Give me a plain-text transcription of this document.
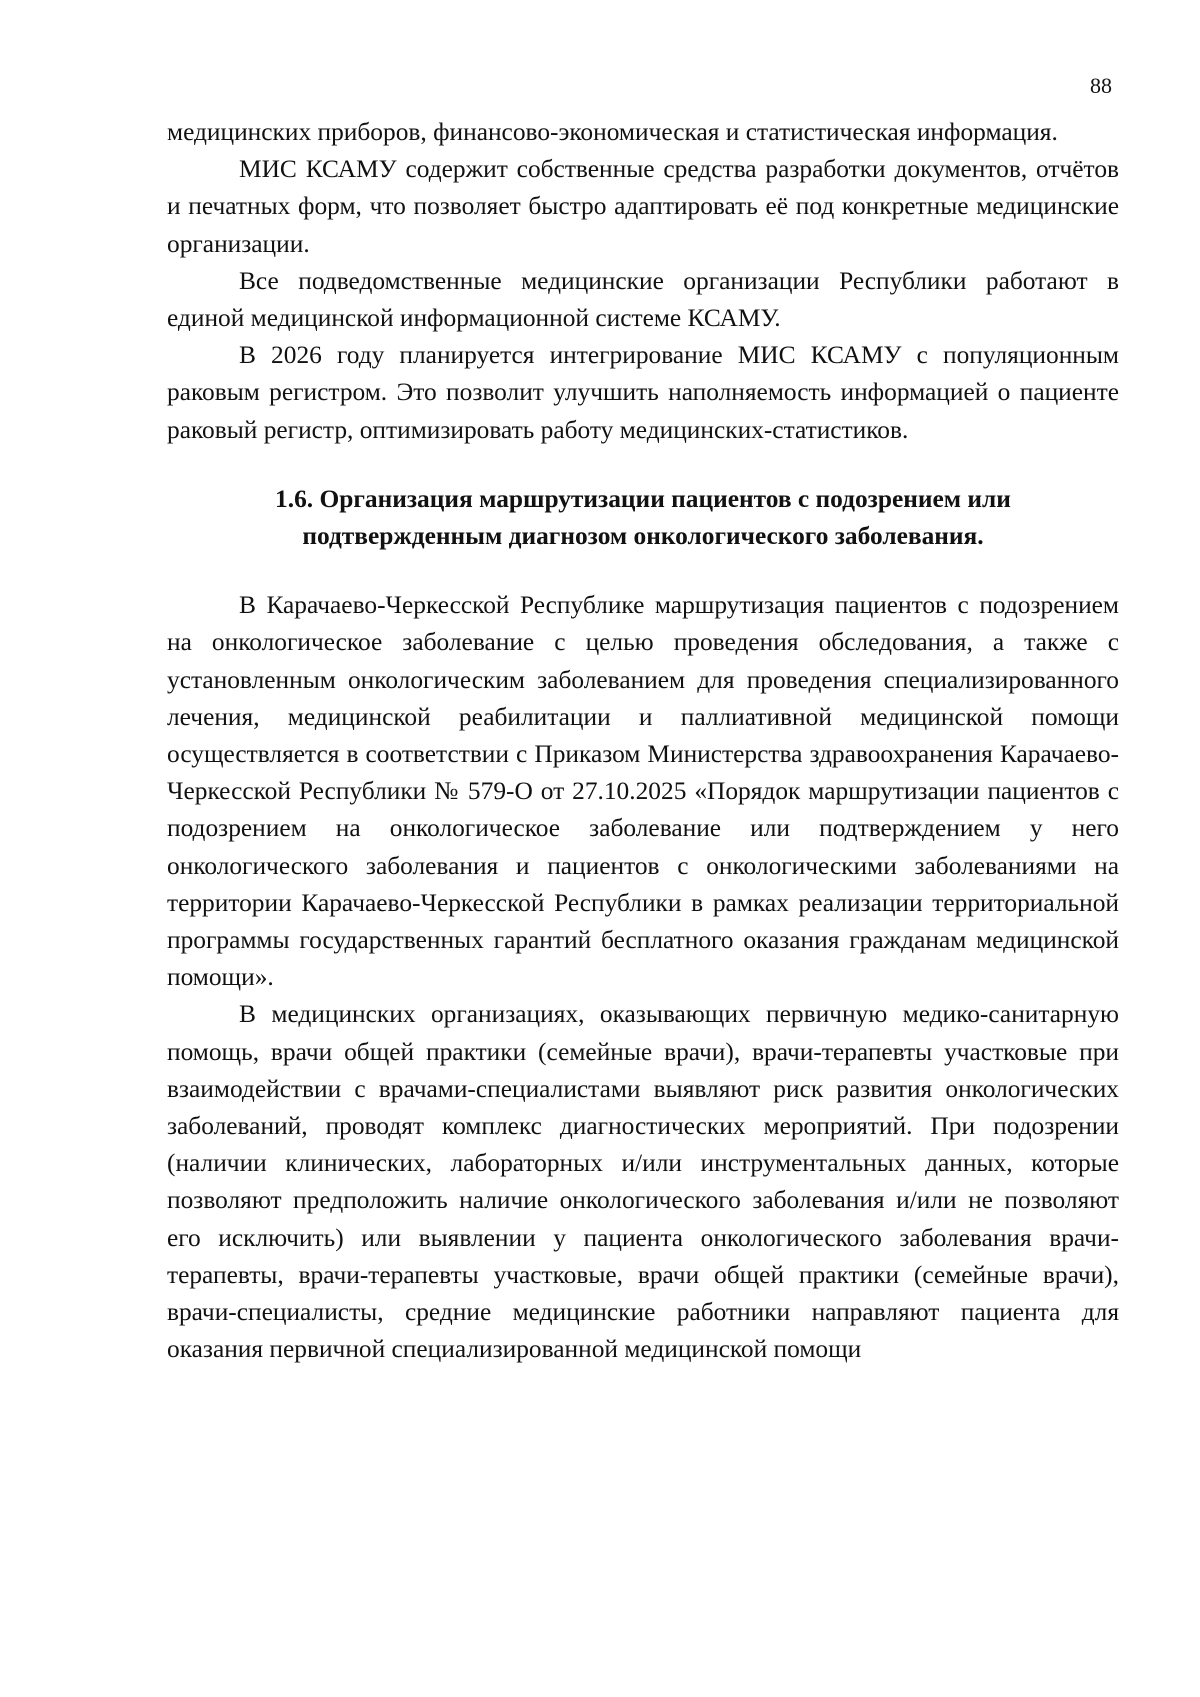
88

медицинских приборов, финансово-экономическая и статистическая информация.

МИС КСАМУ содержит собственные средства разработки документов, отчётов и печатных форм, что позволяет быстро адаптировать её под конкретные медицинские организации.

Все подведомственные медицинские организации Республики работают в единой медицинской информационной системе КСАМУ.

В 2026 году планируется интегрирование МИС КСАМУ с популяционным раковым регистром. Это позволит улучшить наполняемость информацией о пациенте раковый регистр, оптимизировать работу медицинских-статистиков.

1.6. Организация маршрутизации пациентов с подозрением или
подтвержденным диагнозом онкологического заболевания.

В Карачаево-Черкесской Республике маршрутизация пациентов с подозрением на онкологическое заболевание с целью проведения обследования, а также с установленным онкологическим заболеванием для проведения специализированного лечения, медицинской реабилитации и паллиативной медицинской помощи осуществляется в соответствии с Приказом Министерства здравоохранения Карачаево-Черкесской Республики № 579-О от 27.10.2025 «Порядок маршрутизации пациентов с подозрением на онкологическое заболевание или подтверждением у него онкологического заболевания и пациентов с онкологическими заболеваниями на территории Карачаево-Черкесской Республики в рамках реализации территориальной программы государственных гарантий бесплатного оказания гражданам медицинской помощи».

В медицинских организациях, оказывающих первичную медико-санитарную помощь, врачи общей практики (семейные врачи), врачи-терапевты участковые при взаимодействии с врачами-специалистами выявляют риск развития онкологических заболеваний, проводят комплекс диагностических мероприятий. При подозрении (наличии клинических, лабораторных и/или инструментальных данных, которые позволяют предположить наличие онкологического заболевания и/или не позволяют его исключить) или выявлении у пациента онкологического заболевания врачи-терапевты, врачи-терапевты участковые, врачи общей практики (семейные врачи), врачи-специалисты, средние медицинские работники направляют пациента для оказания первичной специализированной медицинской помощи
